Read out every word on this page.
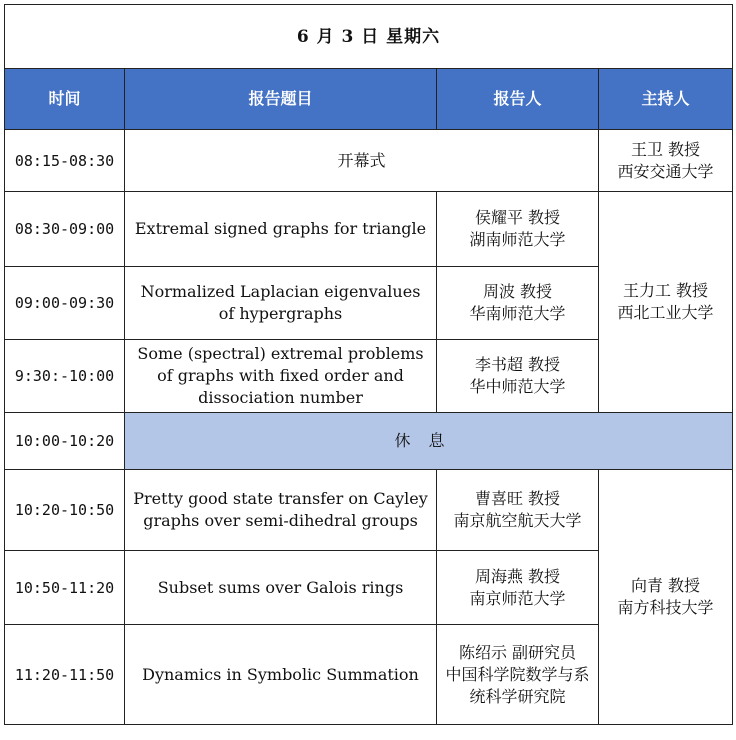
6 月 3 日 星期六			
时间	报告题目	报告人	主持人
08:15-08:30	开幕式		王卫 教授
西安交通大学

08:30-09:00	Extremal signed graphs for triangle	侯耀平 教授
湖南师范大学	王力工 教授
西北工业大学

09:00-09:30	Normalized Laplacian eigenvalues of hypergraphs	周波 教授
华南师范大学	

9:30:-10:00	Some (spectral) extremal problems of graphs with fixed order and dissociation number	李书超 教授
华中师范大学	

10:00-10:20	休息		
10:20-10:50	Pretty good state transfer on Cayley graphs over semi-dihedral groups	曹喜旺 教授
南京航空航天大学	向青 教授
南方科技大学

10:50-11:20	Subset sums over Galois rings	周海燕 教授
南京师范大学	

11:20-11:50	Dynamics in Symbolic Summation	陈绍示 副研究员
中国科学院数学与系统科学研究院	
